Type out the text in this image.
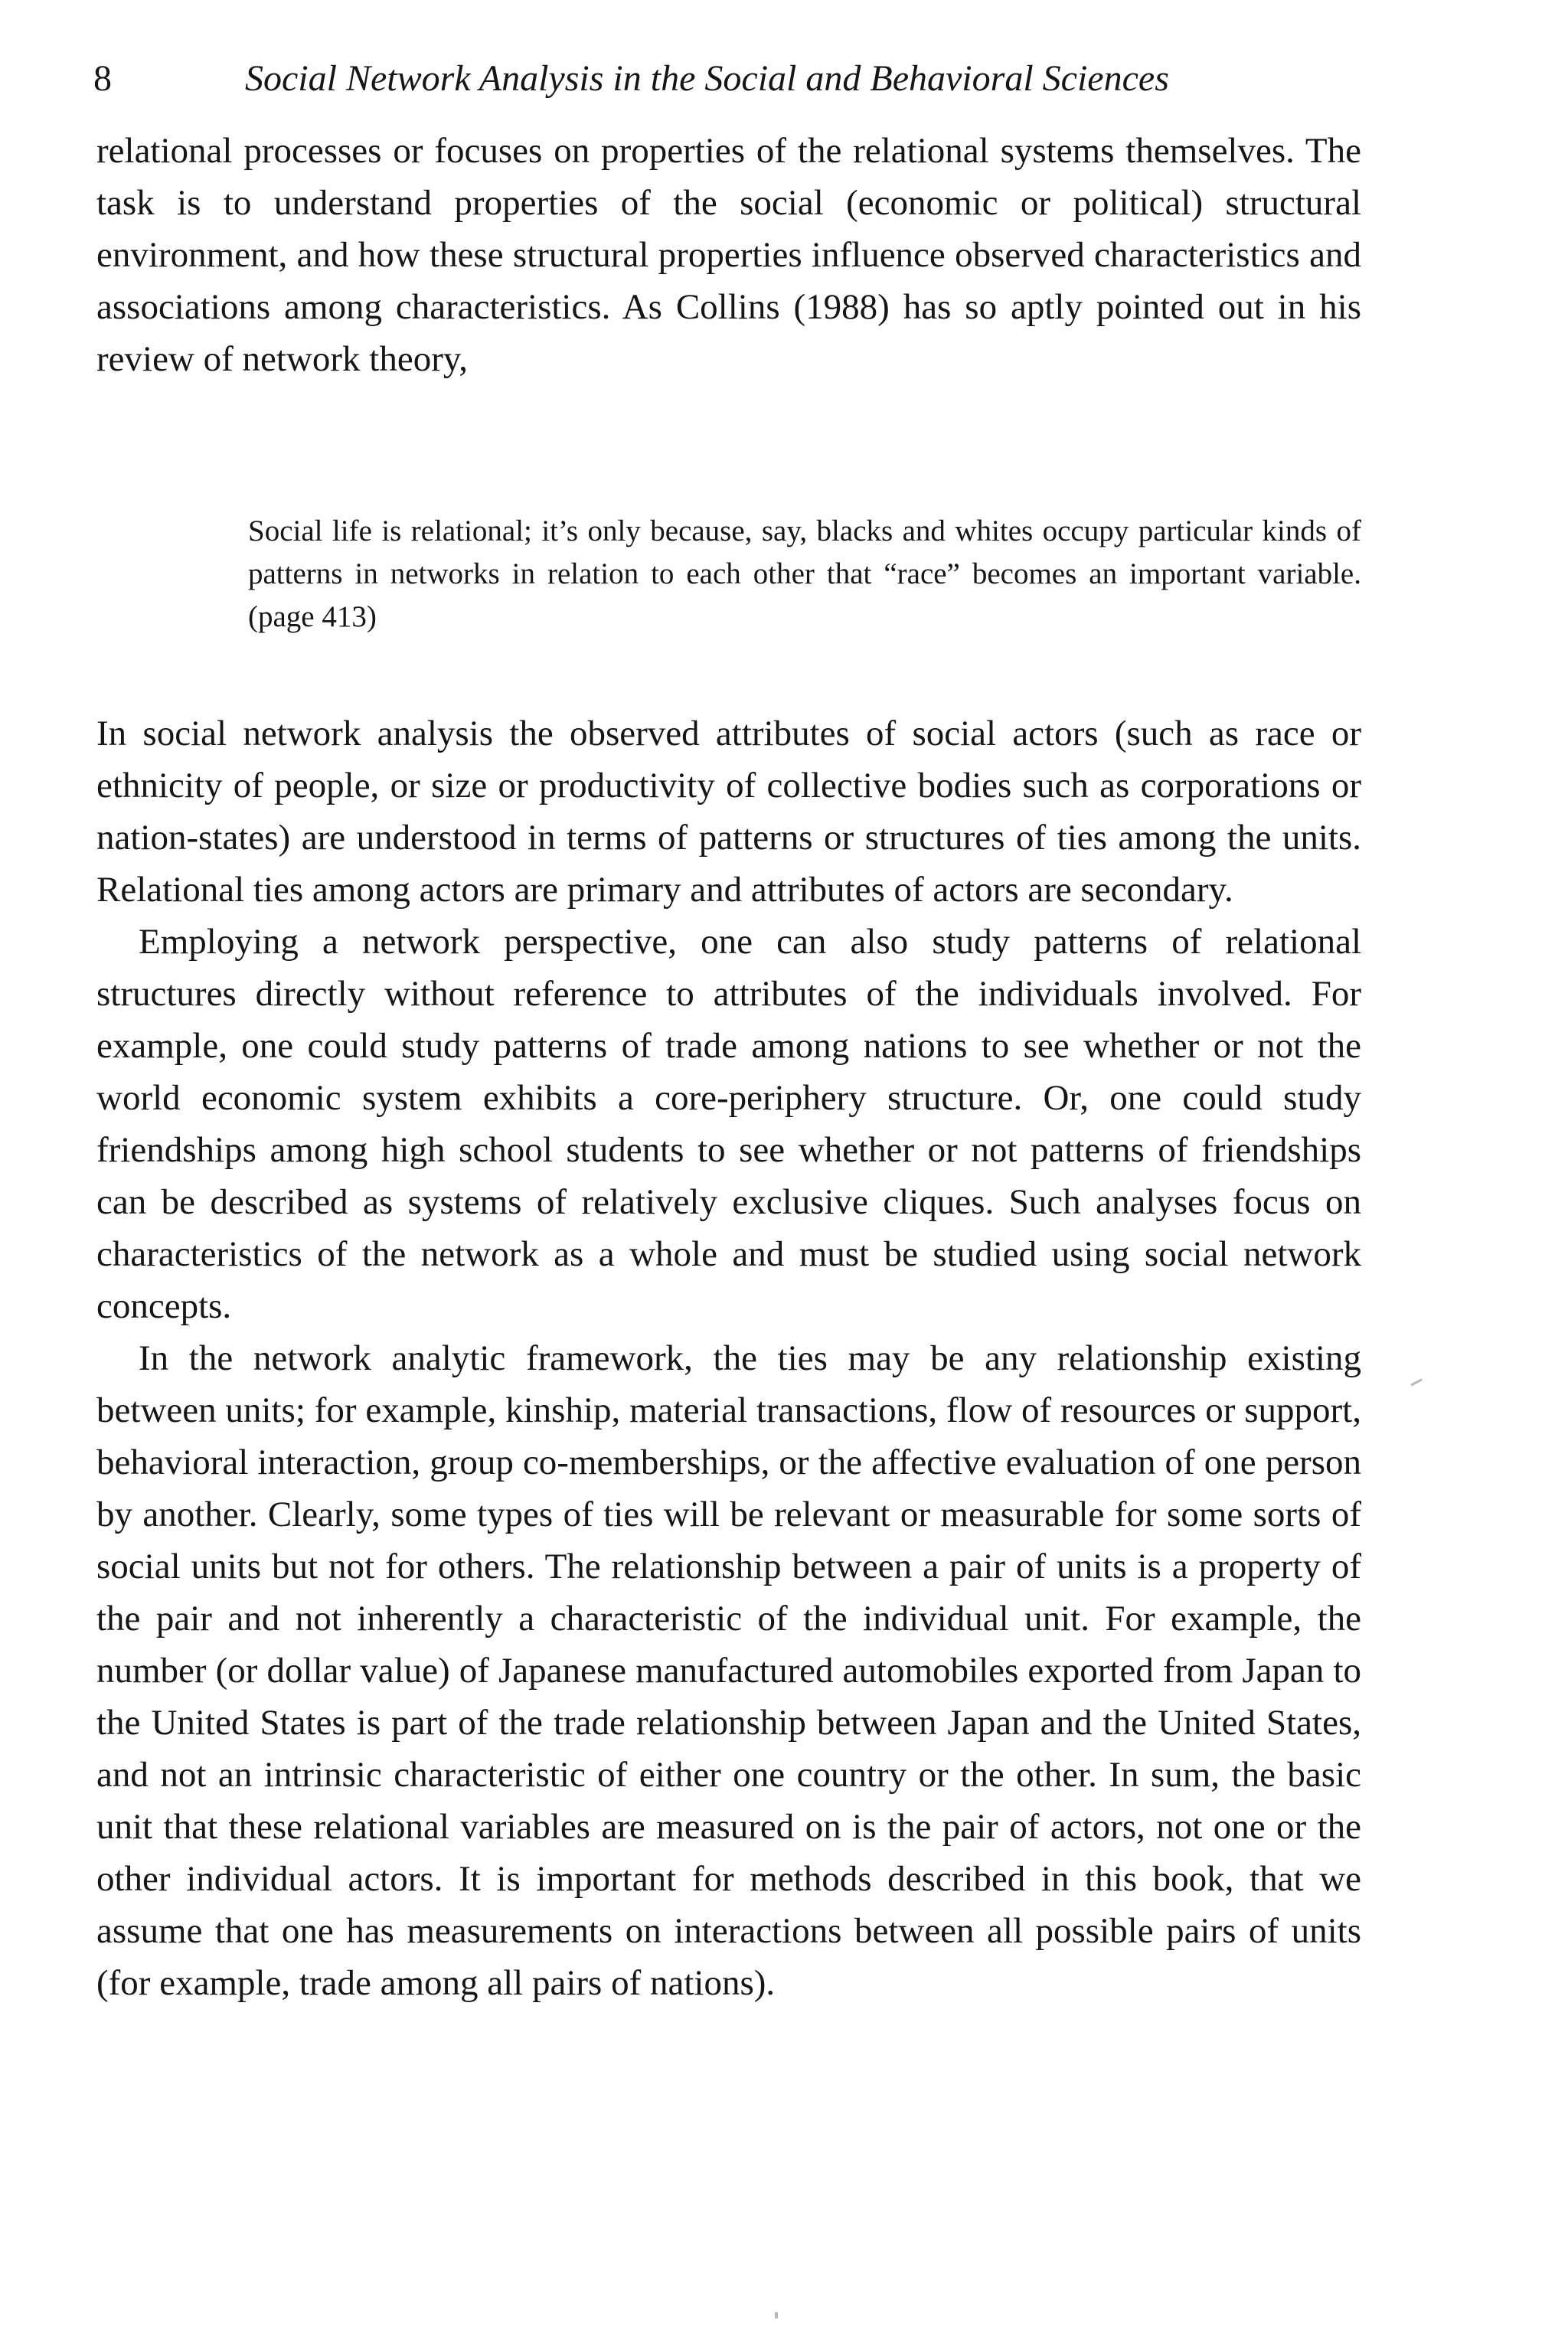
8	Social Network Analysis in the Social and Behavioral Sciences

relational processes or focuses on properties of the relational systems themselves. The task is to understand properties of the social (economic or political) structural environment, and how these structural properties influence observed characteristics and associations among characteristics. As Collins (1988) has so aptly pointed out in his review of network theory,

Social life is relational; it’s only because, say, blacks and whites occupy particular kinds of patterns in networks in relation to each other that “race” becomes an important variable. (page 413)

In social network analysis the observed attributes of social actors (such as race or ethnicity of people, or size or productivity of collective bodies such as corporations or nation-states) are understood in terms of patterns or structures of ties among the units. Relational ties among actors are primary and attributes of actors are secondary.

Employing a network perspective, one can also study patterns of relational structures directly without reference to attributes of the individuals involved. For example, one could study patterns of trade among nations to see whether or not the world economic system exhibits a core-periphery structure. Or, one could study friendships among high school students to see whether or not patterns of friendships can be described as systems of relatively exclusive cliques. Such analyses focus on characteristics of the network as a whole and must be studied using social network concepts.

In the network analytic framework, the ties may be any relationship existing between units; for example, kinship, material transactions, flow of resources or support, behavioral interaction, group co-memberships, or the affective evaluation of one person by another. Clearly, some types of ties will be relevant or measurable for some sorts of social units but not for others. The relationship between a pair of units is a property of the pair and not inherently a characteristic of the individual unit. For example, the number (or dollar value) of Japanese manufactured automobiles exported from Japan to the United States is part of the trade relationship between Japan and the United States, and not an intrinsic characteristic of either one country or the other. In sum, the basic unit that these relational variables are measured on is the pair of actors, not one or the other individual actors. It is important for methods described in this book, that we assume that one has measurements on interactions between all possible pairs of units (for example, trade among all pairs of nations).
